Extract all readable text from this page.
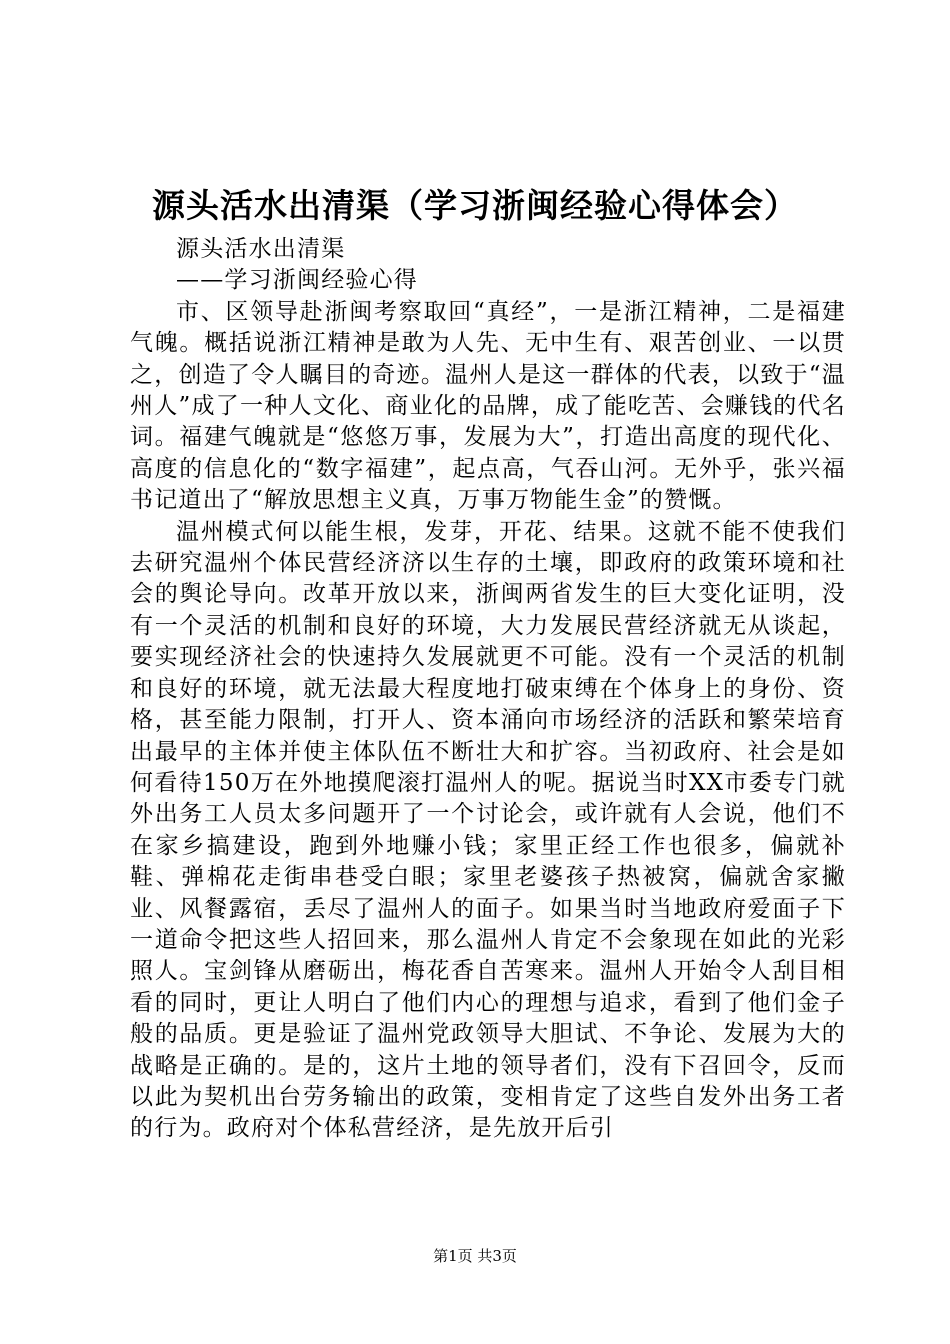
源头活水出清渠（学习浙闽经验心得体会）

源头活水出清渠

——学习浙闽经验心得

市、区领导赴浙闽考察取回“真经”，一是浙江精神，二是福建气魄。概括说浙江精神是敢为人先、无中生有、艰苦创业、一以贯之，创造了令人瞩目的奇迹。温州人是这一群体的代表，以致于“温州人”成了一种人文化、商业化的品牌，成了能吃苦、会赚钱的代名词。福建气魄就是“悠悠万事，发展为大”，打造出高度的现代化、高度的信息化的“数字福建”，起点高，气吞山河。无外乎，张兴福书记道出了“解放思想主义真，万事万物能生金”的赞慨。

温州模式何以能生根，发芽，开花、结果。这就不能不使我们去研究温州个体民营经济济以生存的土壤，即政府的政策环境和社会的舆论导向。改革开放以来，浙闽两省发生的巨大变化证明，没有一个灵活的机制和良好的环境，大力发展民营经济就无从谈起，要实现经济社会的快速持久发展就更不可能。没有一个灵活的机制和良好的环境，就无法最大程度地打破束缚在个体身上的身份、资格，甚至能力限制，打开人、资本涌向市场经济的活跃和繁荣培育出最早的主体并使主体队伍不断壮大和扩容。当初政府、社会是如何看待150万在外地摸爬滚打温州人的呢。据说当时XX市委专门就外出务工人员太多问题开了一个讨论会，或许就有人会说，他们不在家乡搞建设，跑到外地赚小钱；家里正经工作也很多，偏就补鞋、弹棉花走街串巷受白眼；家里老婆孩子热被窝，偏就舍家撇业、风餐露宿，丢尽了温州人的面子。如果当时当地政府爱面子下一道命令把这些人招回来，那么温州人肯定不会象现在如此的光彩照人。宝剑锋从磨砺出，梅花香自苦寒来。温州人开始令人刮目相看的同时，更让人明白了他们内心的理想与追求，看到了他们金子般的品质。更是验证了温州党政领导大胆试、不争论、发展为大的战略是正确的。是的，这片土地的领导者们，没有下召回令，反而以此为契机出台劳务输出的政策，变相肯定了这些自发外出务工者的行为。政府对个体私营经济，是先放开后引

第1页 共3页
